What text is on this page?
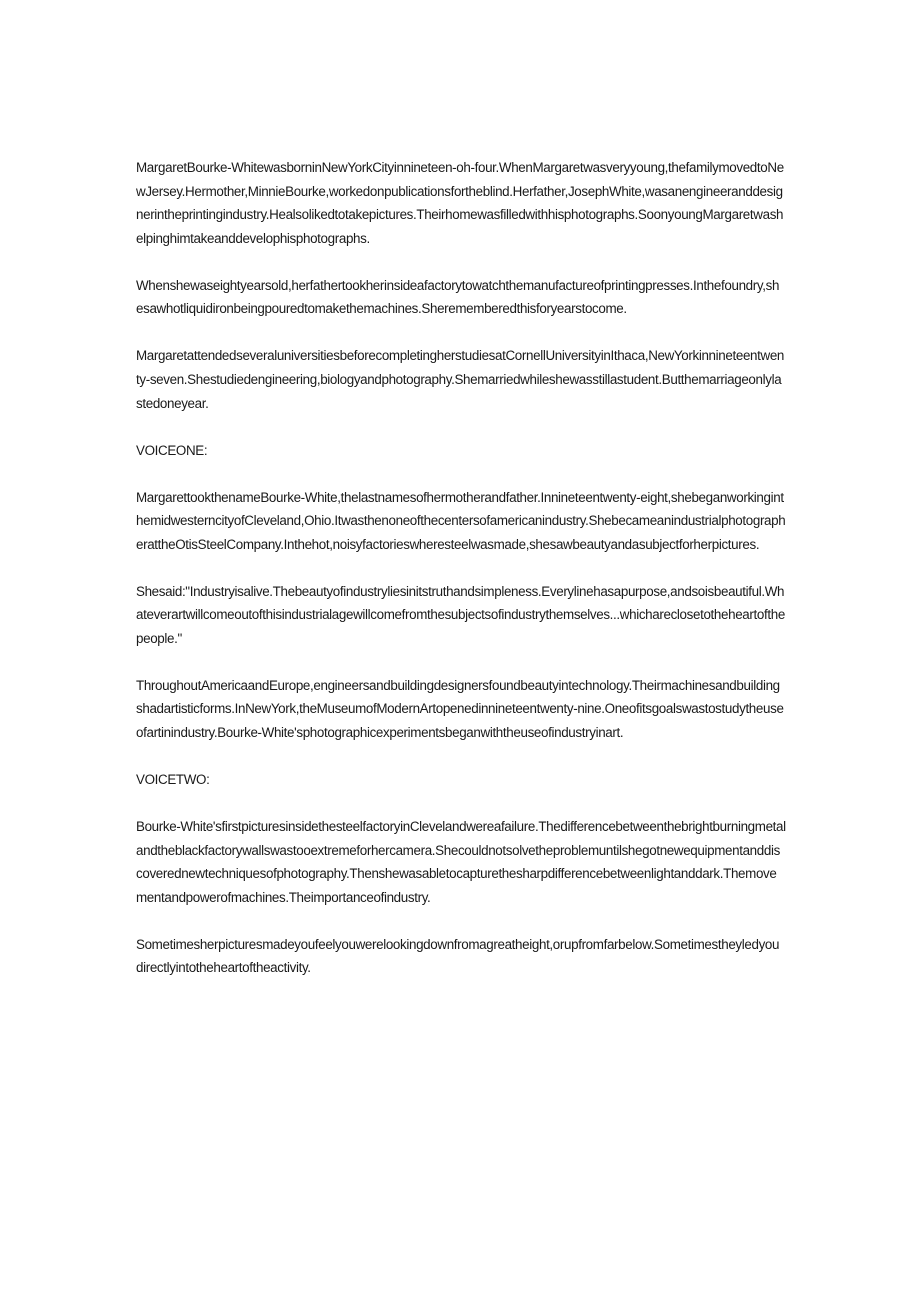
MargaretBourke-WhitewasborninNewYorkCityinnineteen-oh-four.WhenMargaretwasveryyoung,thefamilymovedtoNewJersey.Hermother,MinnieBourke,workedonpublicationsfortheblind.Herfather,JosephWhite,wasanengineeranddesignerintheprintingindustry.Healsolikedtotakepictures.Theirhomewasfilledwithhisphotographs.SoonyoungMargaretwashelpinghimtakeanddevelophisphotographs.

Whenshewaseightyearsold,herfathertookherinsideafactorytowatchthemanufactureofprintingpresses.Inthefoundry,shesawhotliquidironbeingpouredtomakethemachines.Sherememberedthisforyearstocome.

MargaretattendedseveraluniversitiesbeforecompletingherstudiesatCornellUniversityinIthaca,NewYorkinnineteentwenty-seven.Shestudiedengineering,biologyandphotography.Shemarriedwhileshewasstillastudent.Butthemarriageonlylastedoneyear.

VOICEONE:

MargarettookthenameBourke-White,thelastnamesofhermotherandfather.Innineteentwenty-eight,shebeganworkinginthemidwesterncityofCleveland,Ohio.Itwasthenoneofthecentersofamericanindustry.ShebecameanindustrialphotographerattheOtisSteelCompany.Inthehot,noisyfactorieswheresteelwasmade,shesawbeautyandasubjectforherpictures.

Shesaid:"Industryisalive.Thebeautyofindustryliesinitstruthandsimpleness.Everylinehasapurpose,andsoisbeautiful.Whateverartwillcomeoutofthisindustrialagewillcomefromthesubjectsofindustrythemselves...whichareclosetotheheartofthepeople."

ThroughoutAmericaandEurope,engineersandbuildingdesignersfoundbeautyintechnology.Theirmachinesandbuildingshadartisticforms.InNewYork,theMuseumofModernArtopenedinnineteentwenty-nine.Oneofitsgoalswastostudytheuseofartinindustry.Bourke-White'sphotographicexperimentsbeganwiththeuseofindustryinart.

VOICETWO:

Bourke-White'sfirstpicturesinsidethesteelfactoryinClevelandwereafailure.Thedifferencebetweenthebrightburningmetalandtheblackfactorywallswastooextremeforhercamera.Shecouldnotsolvetheproblemuntilshegotnewequipmentanddiscoverednewtechniquesofphotography.Thenshewasabletocapturethesharpdifferencebetweenlightanddark.Themovementandpowerofmachines.Theimportanceofindustry.

Sometimesherpicturesmadeyoufeelyouwerelookingdownfromagreatheight,orupfromfarbelow.Sometimestheyledyoudirectlyintotheheartoftheactivity.
